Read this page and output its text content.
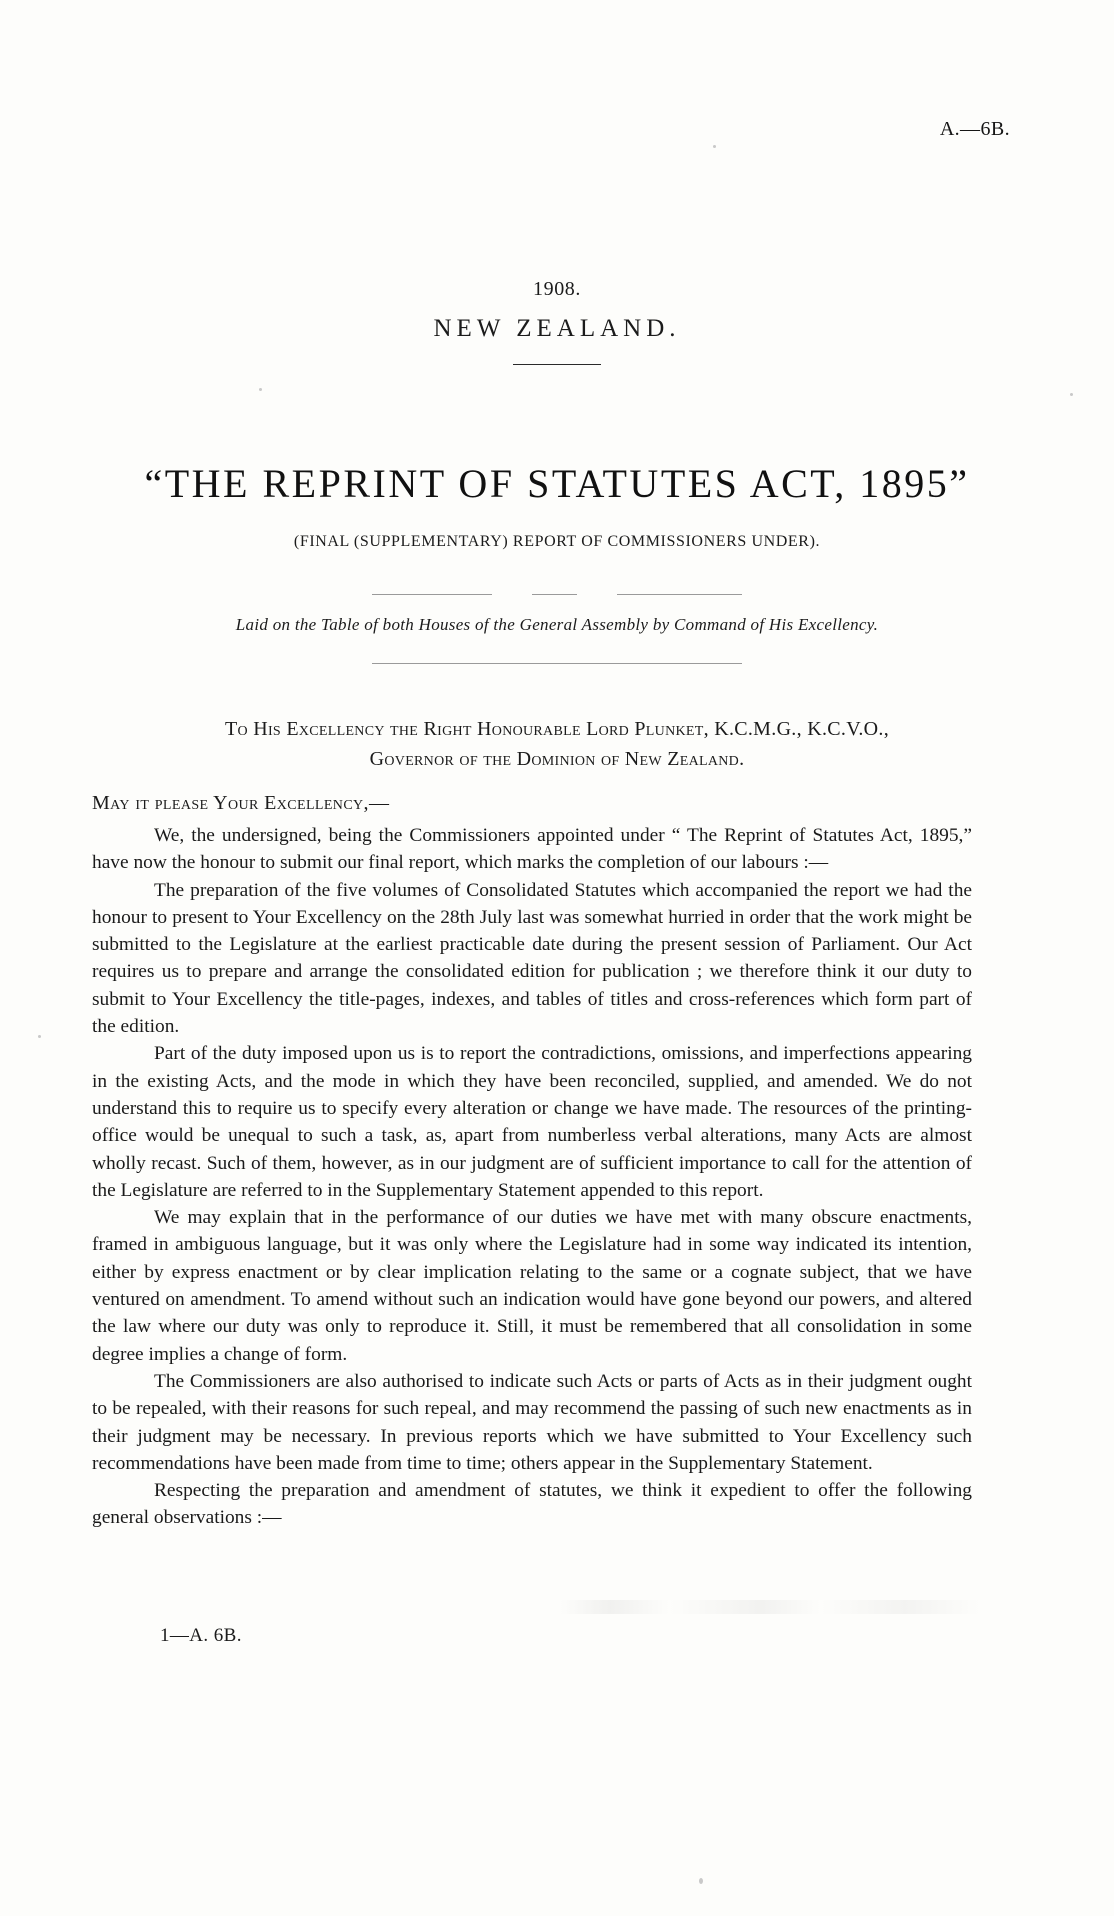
A.—6B.
1908.
NEW ZEALAND.
“THE REPRINT OF STATUTES ACT, 1895”
(FINAL (SUPPLEMENTARY) REPORT OF COMMISSIONERS UNDER).
Laid on the Table of both Houses of the General Assembly by Command of His Excellency.
To His Excellency the Right Honourable Lord Plunket, K.C.M.G., K.C.V.O.,
Governor of the Dominion of New Zealand.
May it please Your Excellency,—

We, the undersigned, being the Commissioners appointed under “ The Reprint of Statutes Act, 1895,” have now the honour to submit our final report, which marks the completion of our labours :—

The preparation of the five volumes of Consolidated Statutes which accompanied the report we had the honour to present to Your Excellency on the 28th July last was somewhat hurried in order that the work might be submitted to the Legislature at the earliest practicable date during the present session of Parliament. Our Act requires us to prepare and arrange the consolidated edition for publication ; we therefore think it our duty to submit to Your Excellency the title-pages, indexes, and tables of titles and cross-references which form part of the edition.

Part of the duty imposed upon us is to report the contradictions, omissions, and imperfections appearing in the existing Acts, and the mode in which they have been reconciled, supplied, and amended. We do not understand this to require us to specify every alteration or change we have made. The resources of the printing-office would be unequal to such a task, as, apart from numberless verbal alterations, many Acts are almost wholly recast. Such of them, however, as in our judgment are of sufficient importance to call for the attention of the Legislature are referred to in the Supplementary Statement appended to this report.

We may explain that in the performance of our duties we have met with many obscure enactments, framed in ambiguous language, but it was only where the Legislature had in some way indicated its intention, either by express enactment or by clear implication relating to the same or a cognate subject, that we have ventured on amendment. To amend without such an indication would have gone beyond our powers, and altered the law where our duty was only to reproduce it. Still, it must be remembered that all consolidation in some degree implies a change of form.

The Commissioners are also authorised to indicate such Acts or parts of Acts as in their judgment ought to be repealed, with their reasons for such repeal, and may recommend the passing of such new enactments as in their judgment may be necessary. In previous reports which we have submitted to Your Excellency such recommendations have been made from time to time; others appear in the Supplementary Statement.

Respecting the preparation and amendment of statutes, we think it expedient to offer the following general observations :—

1—A. 6B.
